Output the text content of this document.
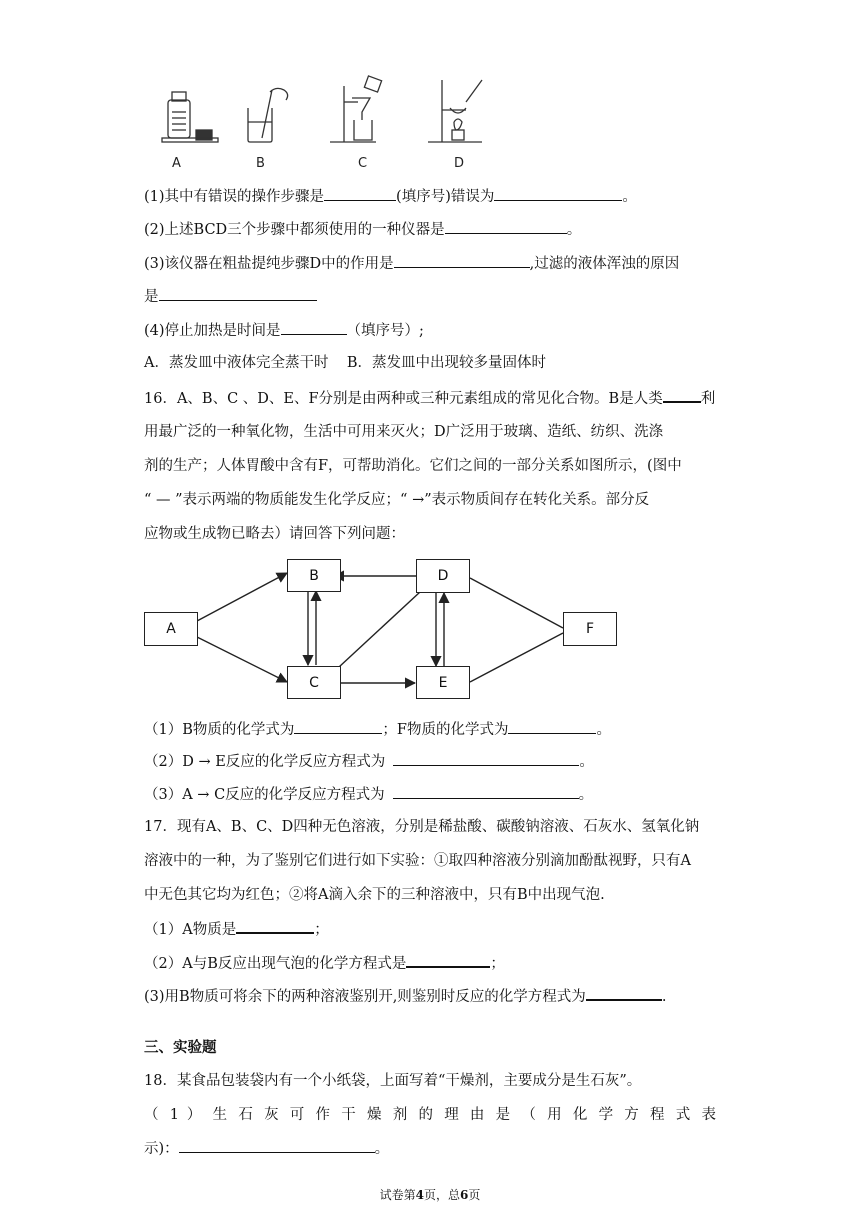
A	B	C	D
(1)其中有错误的操作步骤是	(填序号)错误为	。
(2)上述BCD三个步骤中都须使用的一种仪器是	。
(3)该仪器在粗盐提纯步骤D中的作用是	,过滤的液体浑浊的原因
是
(4)停止加热是时间是	（填序号）;
A．蒸发皿中液体完全蒸干时    B．蒸发皿中出现较多量固体时
16．A、B、C 、D、E、F分别是由两种或三种元素组成的常见化合物。B是人类	利
用最广泛的一种氧化物，生活中可用来灭火；D广泛用于玻璃、造纸、纺织、洗涤
剂的生产；人体胃酸中含有F，可帮助消化。它们之间的一部分关系如图所示，(图中
“ — ”表示两端的物质能发生化学反应；“ →”表示物质间存在转化关系。部分反
应物或生成物已略去）请回答下列问题：
A
B
C
D
E
F
（1）B物质的化学式为	；F物质的化学式为	。
（2）D → E反应的化学反应方程式为	。
（3）A → C反应的化学反应方程式为	。
17．现有A、B、C、D四种无色溶液，分别是稀盐酸、碳酸钠溶液、石灰水、氢氧化钠
溶液中的一种，为了鉴别它们进行如下实验：①取四种溶液分别滴加酚酞视野，只有A
中无色其它均为红色；②将A滴入余下的三种溶液中，只有B中出现气泡.
（1）A物质是	；
（2）A与B反应出现气泡的化学方程式是	；
(3)用B物质可将余下的两种溶液鉴别开,则鉴别时反应的化学方程式为	.
三、实验题
18．某食品包装袋内有一个小纸袋，上面写着“干燥剂，主要成分是生石灰”。
（ 1 ） 生 石 灰 可 作 干 燥 剂 的 理 由 是 （ 用 化 学 方 程 式 表
示)：	。
试卷第4页，总6页
